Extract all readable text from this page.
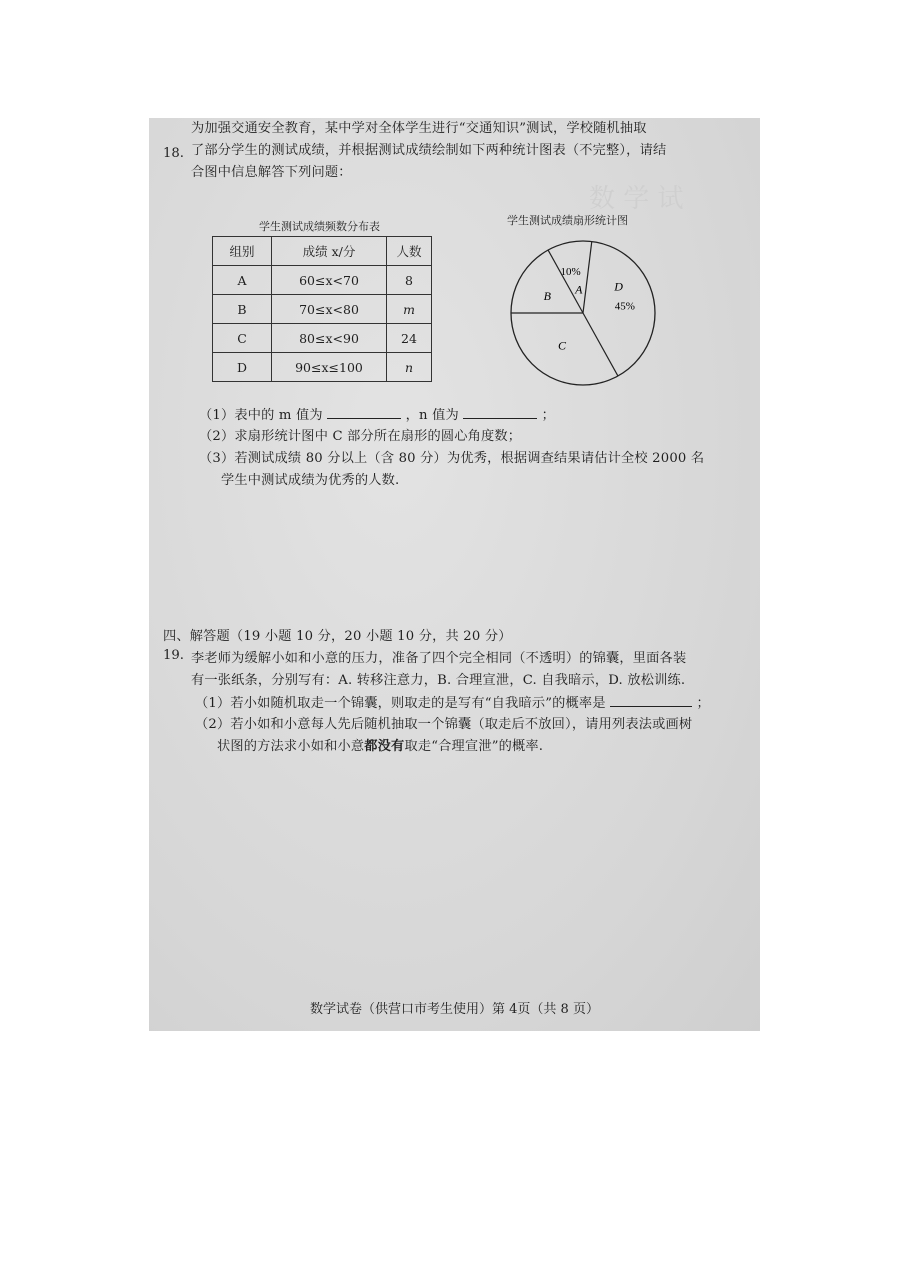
数 学 试
18.
为加强交通安全教育，某中学对全体学生进行“交通知识”测试，学校随机抽取
了部分学生的测试成绩，并根据测试成绩绘制如下两种统计图表（不完整），请结
合图中信息解答下列问题：
学生测试成绩频数分布表	学生测试成绩扇形统计图
A
10%
B
C
D
45%
（1）表中的 m 值为	，n 值为	；
（2）求扇形统计图中 C 部分所在扇形的圆心角度数；
（3）若测试成绩 80 分以上（含 80 分）为优秀，根据调查结果请估计全校 2000 名
学生中测试成绩为优秀的人数.
四、解答题（19 小题 10 分，20 小题 10 分，共 20 分）
19. 李老师为缓解小如和小意的压力，准备了四个完全相同（不透明）的锦囊，里面各装
有一张纸条，分别写有：A. 转移注意力，B. 合理宣泄，C. 自我暗示，D. 放松训练.
（1）若小如随机取走一个锦囊，则取走的是写有“自我暗示”的概率是	；
（2）若小如和小意每人先后随机抽取一个锦囊（取走后不放回），请用列表法或画树
状图的方法求小如和小意都没有取走“合理宣泄”的概率.
数学试卷（供营口市考生使用）第 4页（共 8 页）
组别	成绩 x/分	人数
A	60≤x<70	8
B	70≤x<80	m
C	80≤x<90	24
D	90≤x≤100	n
